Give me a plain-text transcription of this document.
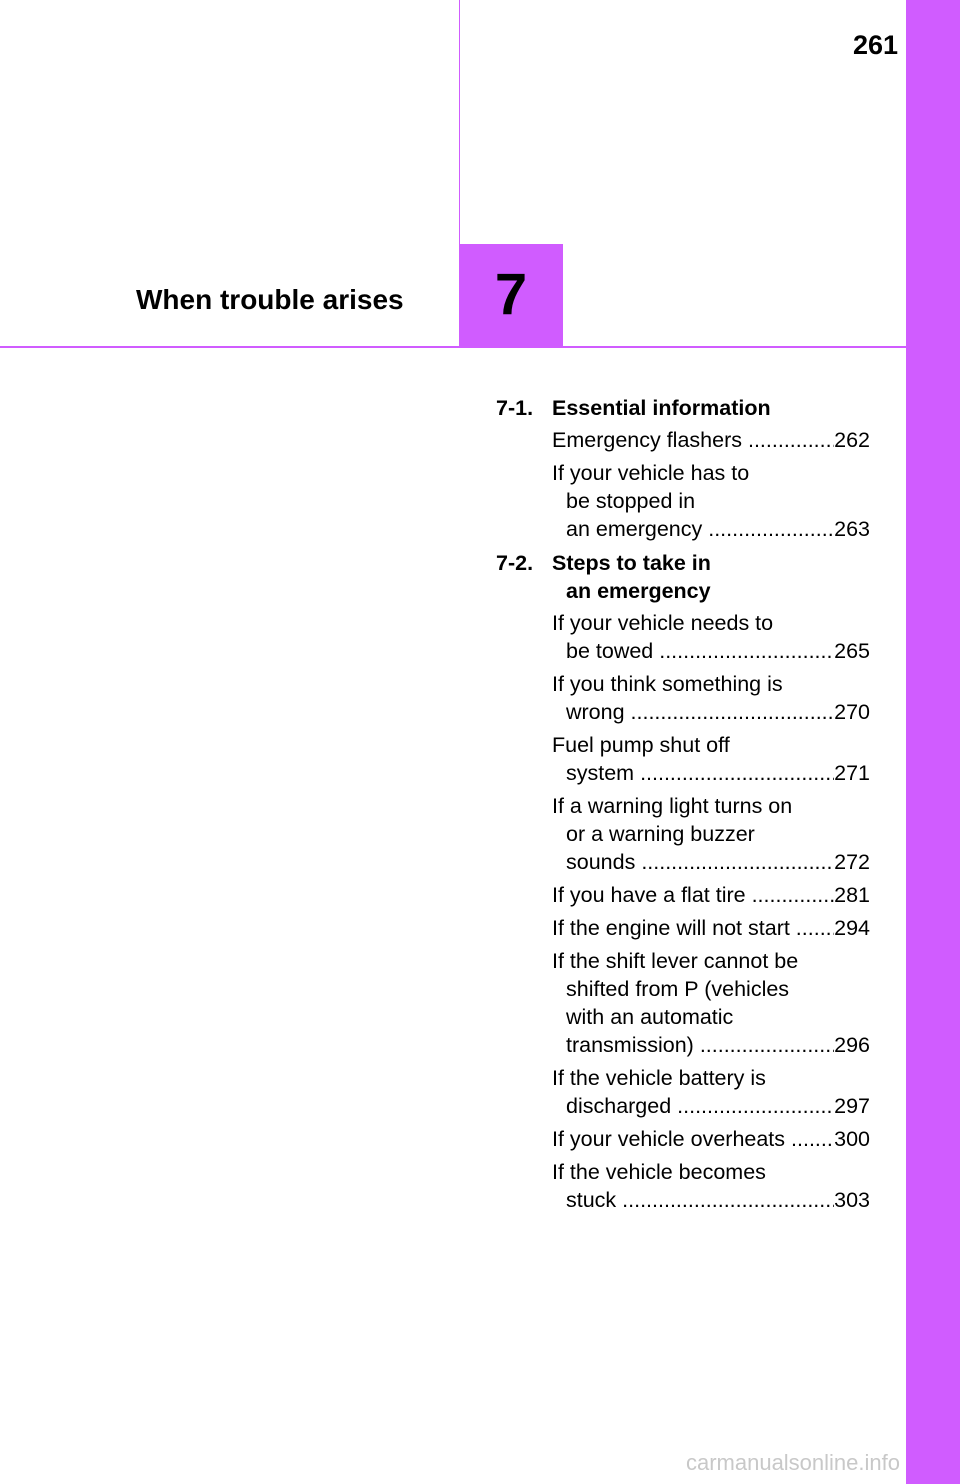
261
When trouble arises	7
7-1. Essential information
Emergency flashers .....	262
If your vehicle has to
be stopped in
an emergency .....	263
7-2. Steps to take in
an emergency
If your vehicle needs to
be towed .....	265
If you think something is
wrong .....	270
Fuel pump shut off
system .....	271
If a warning light turns on
or a warning buzzer
sounds .....	272
If you have a flat tire .....	281
If the engine will not start .....	294
If the shift lever cannot be
shifted from P (vehicles
with an automatic
transmission) .....	296
If the vehicle battery is
discharged .....	297
If your vehicle overheats .....	300
If the vehicle becomes
stuck .....	303
carmanualsonline.info
